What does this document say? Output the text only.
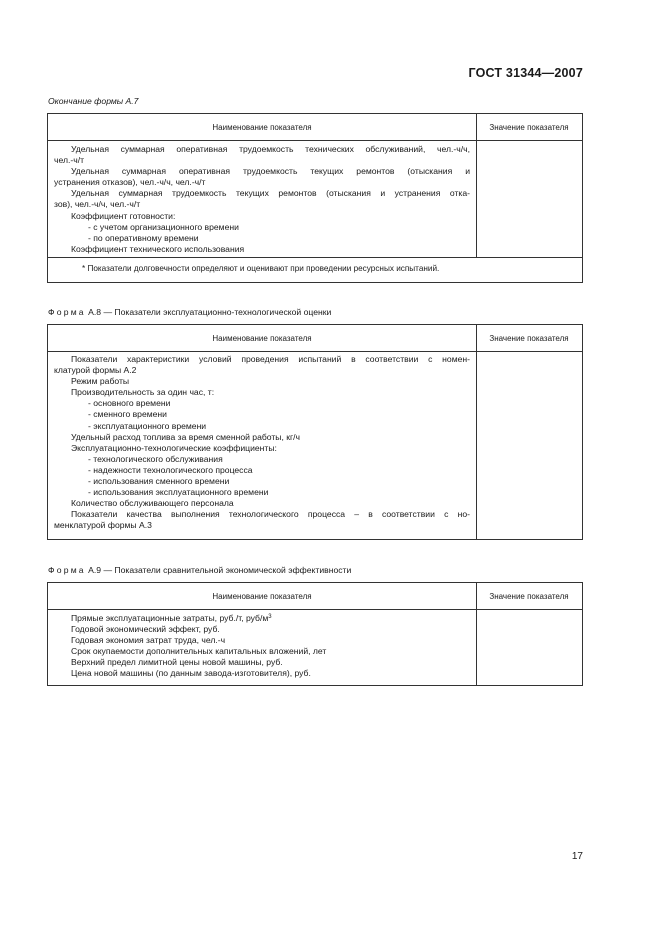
ГОСТ 31344—2007
Окончание формы А.7
Наименование показателя	Значение показателя
Удельная суммарная оперативная трудоемкость технических обслуживаний, чел.-ч/ч,
чел.-ч/т
Удельная суммарная оперативная трудоемкость текущих ремонтов (отыскания и
устранения отказов), чел.-ч/ч, чел.-ч/т
Удельная суммарная трудоемкость текущих ремонтов (отыскания и устранения отка-
зов), чел.-ч/ч, чел.-ч/т
Коэффициент готовности:
- с учетом организационного времени
- по оперативному времени
Коэффициент технического использования
* Показатели долговечности определяют и оценивают при проведении ресурсных испытаний.
Форма А.8 — Показатели эксплуатационно-технологической оценки
Наименование показателя	Значение показателя
Показатели характеристики условий проведения испытаний в соответствии с номен-
клатурой формы А.2
Режим работы
Производительность за один час, т:
- основного времени
- сменного времени
- эксплуатационного времени
Удельный расход топлива за время сменной работы, кг/ч
Эксплуатационно-технологические коэффициенты:
- технологического обслуживания
- надежности технологического процесса
- использования сменного времени
- использования эксплуатационного времени
Количество обслуживающего персонала
Показатели качества выполнения технологического процесса – в соответствии с но-
менклатурой формы А.3
Форма А.9 — Показатели сравнительной экономической эффективности
Наименование показателя	Значение показателя
Прямые эксплуатационные затраты, руб./т, руб/$м^3$
Годовой экономический эффект, руб.
Годовая экономия затрат труда, чел.-ч
Срок окупаемости дополнительных капитальных вложений, лет
Верхний предел лимитной цены новой машины, руб.
Цена новой машины (по данным завода-изготовителя), руб.
17
